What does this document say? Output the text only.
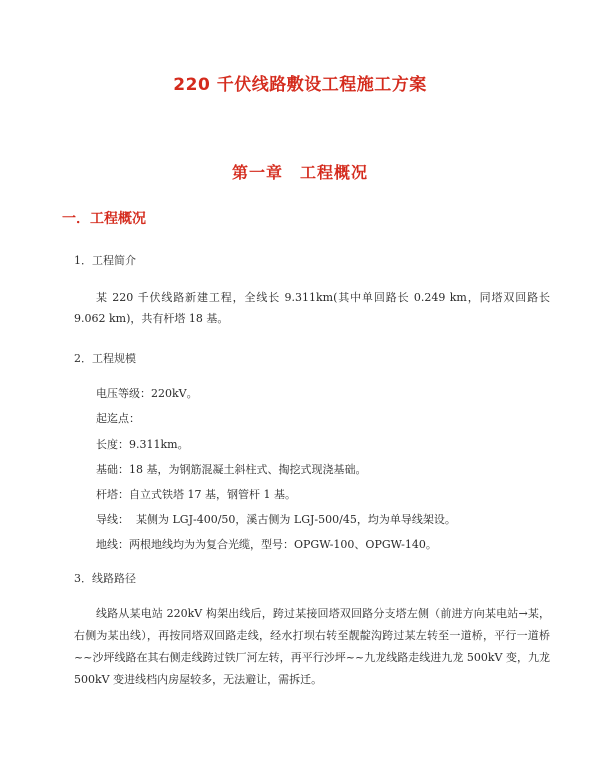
220 千伏线路敷设工程施工方案
第一章　工程概况
一．工程概况
1．工程简介
某 220 千伏线路新建工程，全线长 9.311km(其中单回路长 0.249 km，同塔双回路长 9.062 km)，共有杆塔 18 基。
2．工程规模
电压等级：220kV。
起迄点：
长度：9.311km。
基础：18 基，为钢筋混凝土斜柱式、掏挖式现浇基础。
杆塔：自立式铁塔 17 基，钢管杆 1 基。
导线：  某侧为 LGJ-400/50，溪古侧为 LGJ-500/45，均为单导线架设。
地线：两根地线均为为复合光缆，型号：OPGW-100、OPGW-140。
3．线路路径
线路从某电站 220kV 构架出线后，跨过某接回塔双回路分支塔左侧（前进方向某电站→某，右侧为某出线），再按同塔双回路走线，经水打坝右转至靓靛沟跨过某左转至一道桥，平行一道桥~~沙坪线路在其右侧走线跨过铁厂河左转，再平行沙坪~~九龙线路走线进九龙 500kV 变，九龙 500kV 变进线档内房屋较多，无法避让，需拆迁。
